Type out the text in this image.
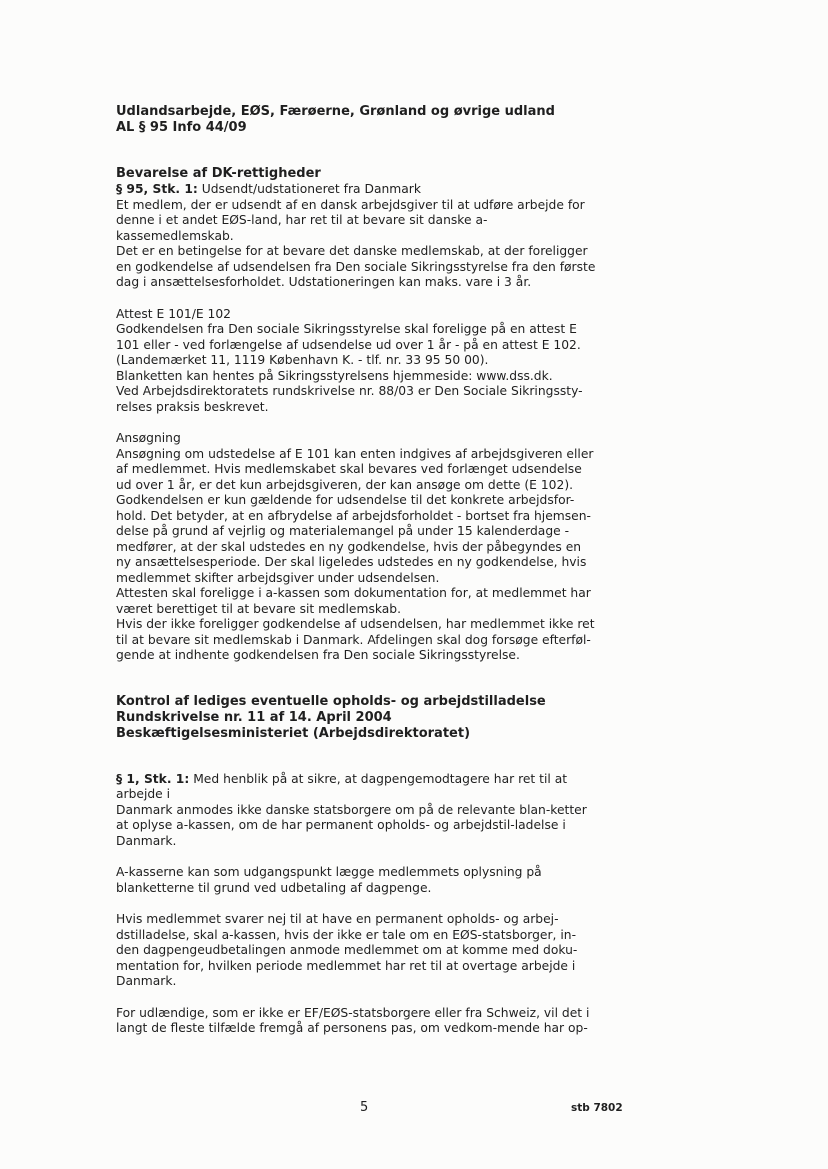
Udlandsarbejde, EØS, Færøerne, Grønland og øvrige udland

AL § 95 Info 44/09

Bevarelse af DK-rettigheder

§ 95, Stk. 1: Udsendt/udstationeret fra Danmark

Et medlem, der er udsendt af en dansk arbejdsgiver til at udføre arbejde for

denne i et andet EØS-land, har ret til at bevare sit danske a-

kassemedlemskab.

Det er en betingelse for at bevare det danske medlemskab, at der foreligger

en godkendelse af udsendelsen fra Den sociale Sikringsstyrelse fra den første

dag i ansættelsesforholdet. Udstationeringen kan maks. vare i 3 år.

Attest E 101/E 102

Godkendelsen fra Den sociale Sikringsstyrelse skal foreligge på en attest E

101 eller - ved forlængelse af udsendelse ud over 1 år - på en attest E 102.

(Landemærket 11, 1119 København K. - tlf. nr. 33 95 50 00).

Blanketten kan hentes på Sikringsstyrelsens hjemmeside: www.dss.dk.

Ved Arbejdsdirektoratets rundskrivelse nr. 88/03 er Den Sociale Sikringssty-

relses praksis beskrevet.

Ansøgning

Ansøgning om udstedelse af E 101 kan enten indgives af arbejdsgiveren eller

af medlemmet. Hvis medlemskabet skal bevares ved forlænget udsendelse

ud over 1 år, er det kun arbejdsgiveren, der kan ansøge om dette (E 102).

Godkendelsen er kun gældende for udsendelse til det konkrete arbejdsfor-

hold. Det betyder, at en afbrydelse af arbejdsforholdet - bortset fra hjemsen-

delse på grund af vejrlig og materialemangel på under 15 kalenderdage -

medfører, at der skal udstedes en ny godkendelse, hvis der påbegyndes en

ny ansættelsesperiode. Der skal ligeledes udstedes en ny godkendelse, hvis

medlemmet skifter arbejdsgiver under udsendelsen.

Attesten skal foreligge i a-kassen som dokumentation for, at medlemmet har

været berettiget til at bevare sit medlemskab.

Hvis der ikke foreligger godkendelse af udsendelsen, har medlemmet ikke ret

til at bevare sit medlemskab i Danmark. Afdelingen skal dog forsøge efterføl-

gende at indhente godkendelsen fra Den sociale Sikringsstyrelse.

Kontrol af lediges eventuelle opholds- og arbejdstilladelse

Rundskrivelse nr. 11 af 14. April 2004

Beskæftigelsesministeriet (Arbejdsdirektoratet)

§ 1, Stk. 1: Med henblik på at sikre, at dagpengemodtagere har ret til at

arbejde i

Danmark anmodes ikke danske statsborgere om på de relevante blan-ketter

at oplyse a-kassen, om de har permanent opholds- og arbejdstil-ladelse i

Danmark.

A-kasserne kan som udgangspunkt lægge medlemmets oplysning på

blanketterne til grund ved udbetaling af dagpenge.

Hvis medlemmet svarer nej til at have en permanent opholds- og arbej-

dstilladelse, skal a-kassen, hvis der ikke er tale om en EØS-statsborger, in-

den dagpengeudbetalingen anmode medlemmet om at komme med doku-

mentation for, hvilken periode medlemmet har ret til at overtage arbejde i

Danmark.

For udlændige, som er ikke er EF/EØS-statsborgere eller fra Schweiz, vil det i

langt de fleste tilfælde fremgå af personens pas, om vedkom-mende har op-

5	stb 7802
